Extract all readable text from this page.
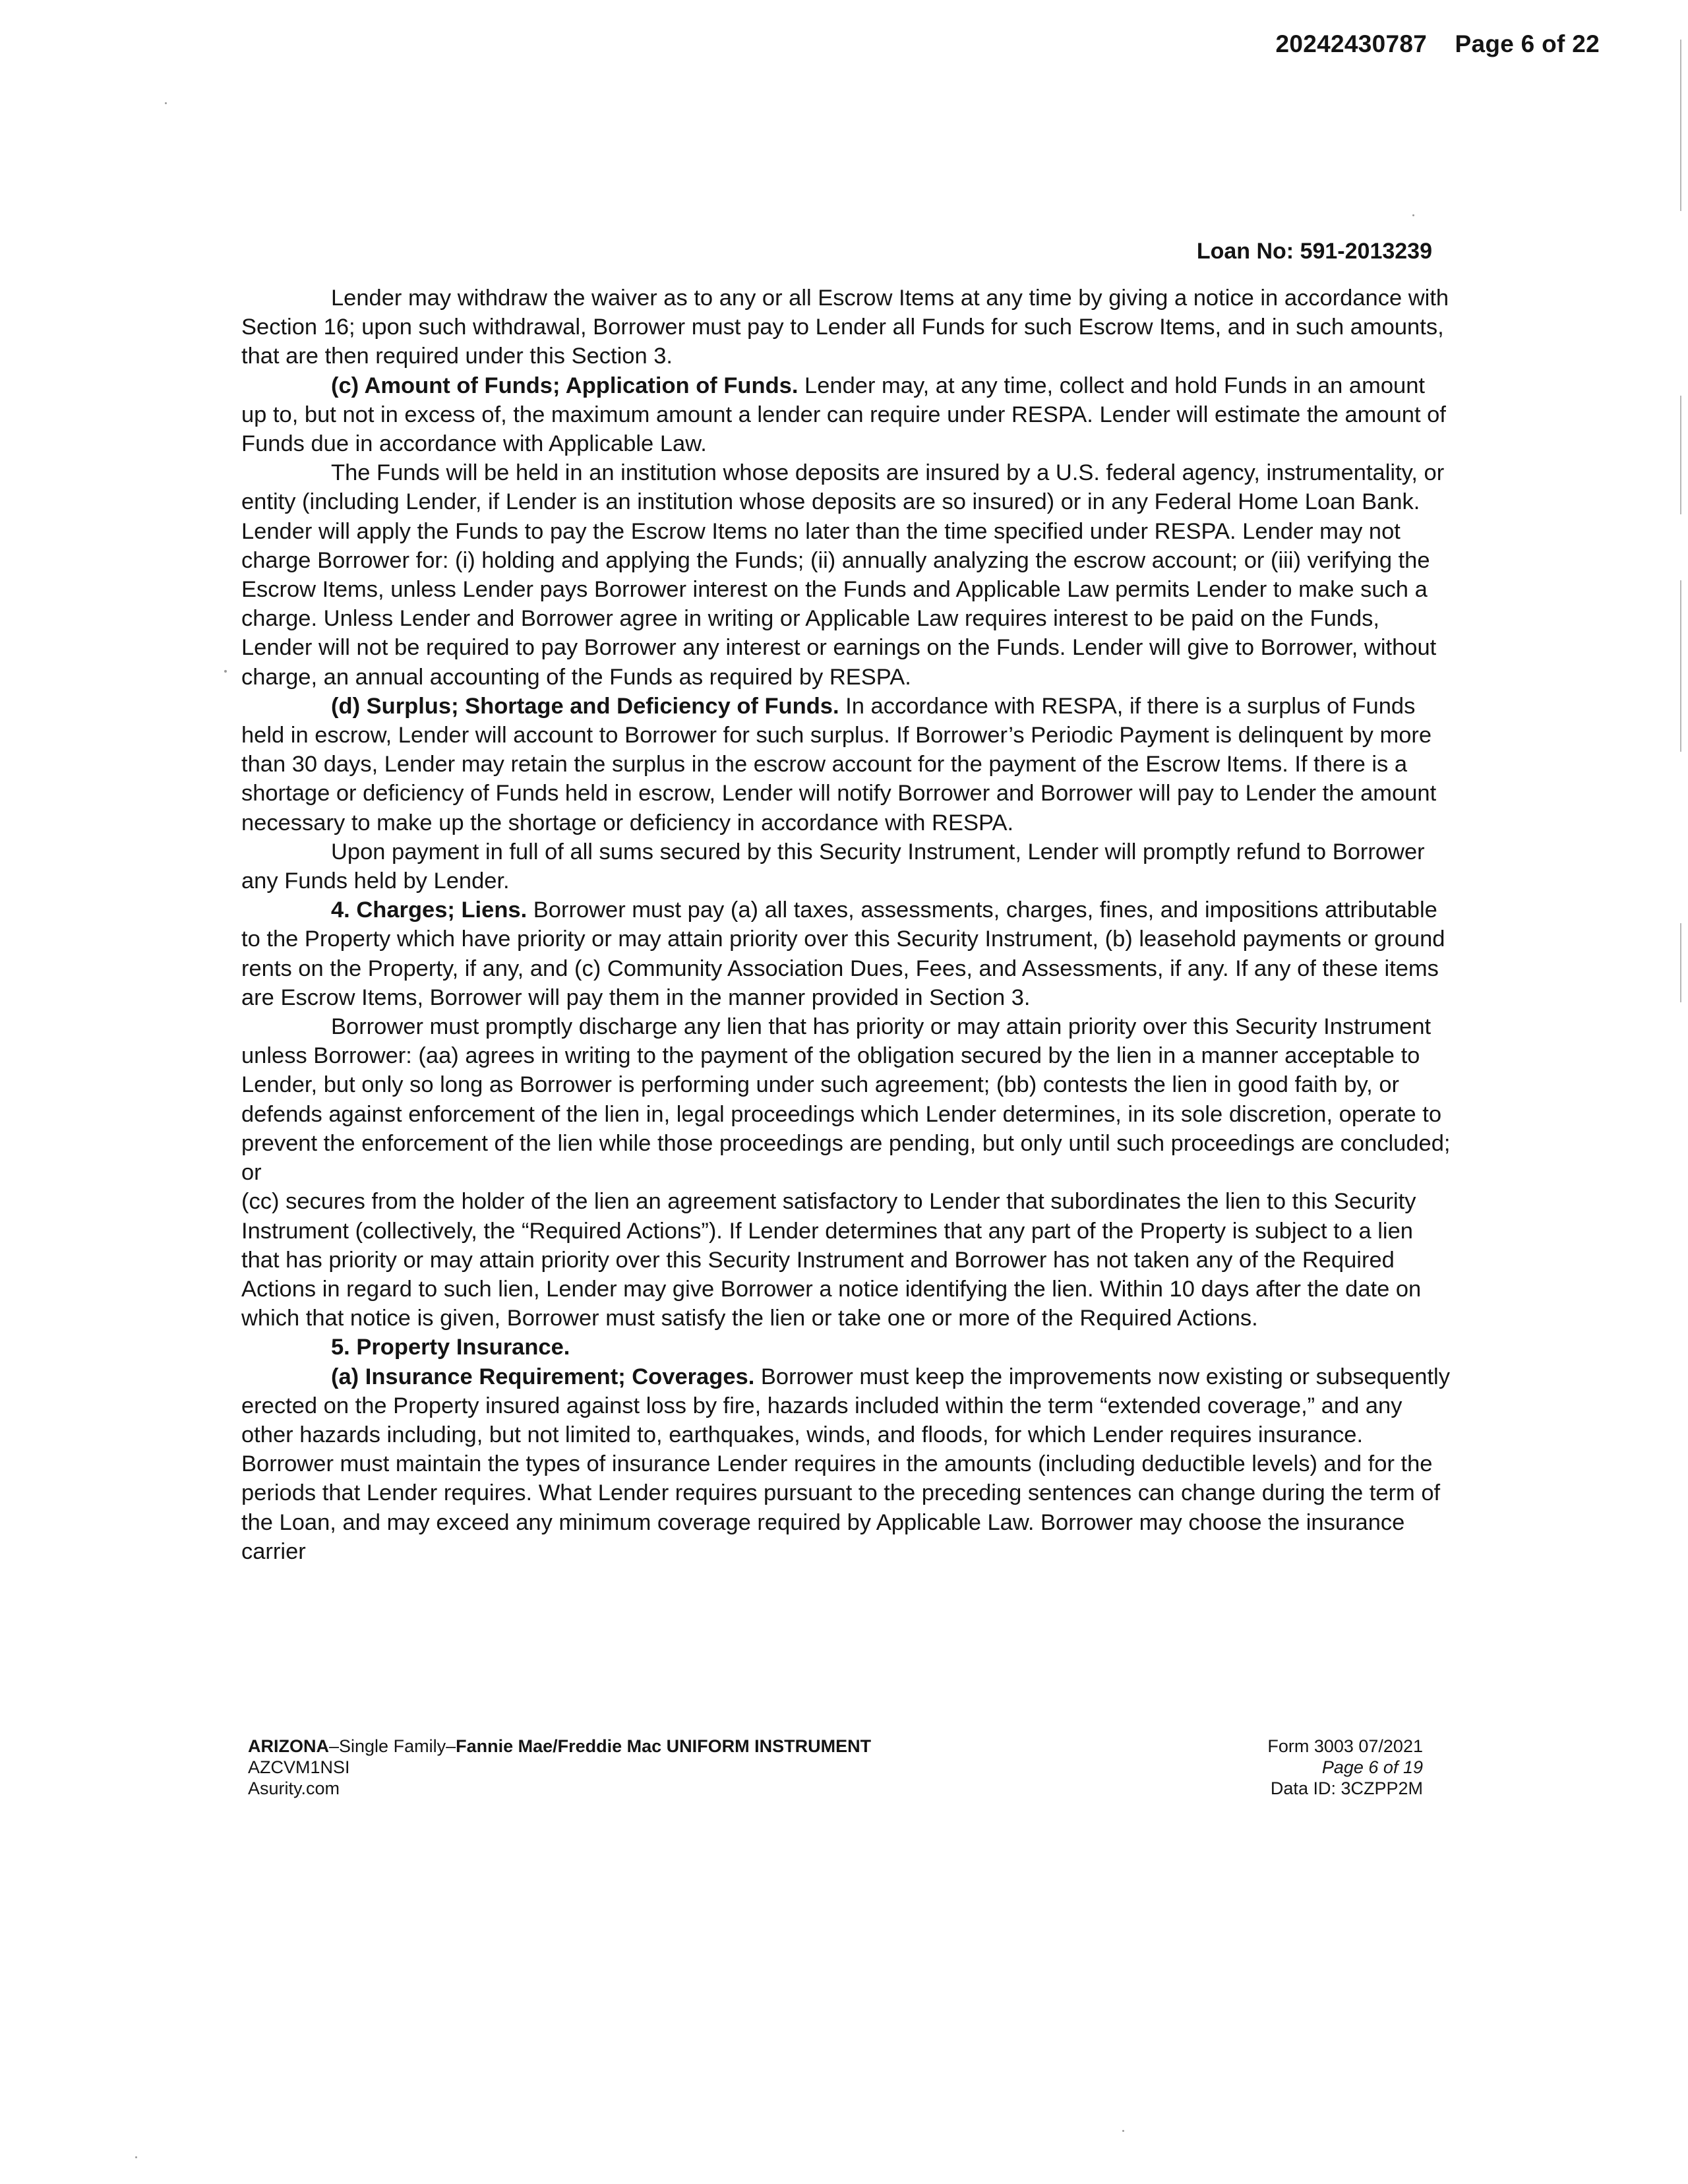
20242430787 Page 6 of 22
Loan No: 591-2013239

Lender may withdraw the waiver as to any or all Escrow Items at any time by giving a notice in accordance with Section 16; upon such withdrawal, Borrower must pay to Lender all Funds for such Escrow Items, and in such amounts, that are then required under this Section 3.

(c) Amount of Funds; Application of Funds. Lender may, at any time, collect and hold Funds in an amount up to, but not in excess of, the maximum amount a lender can require under RESPA. Lender will estimate the amount of Funds due in accordance with Applicable Law.

The Funds will be held in an institution whose deposits are insured by a U.S. federal agency, instrumentality, or entity (including Lender, if Lender is an institution whose deposits are so insured) or in any Federal Home Loan Bank. Lender will apply the Funds to pay the Escrow Items no later than the time specified under RESPA. Lender may not charge Borrower for: (i) holding and applying the Funds; (ii) annually analyzing the escrow account; or (iii) verifying the Escrow Items, unless Lender pays Borrower interest on the Funds and Applicable Law permits Lender to make such a charge. Unless Lender and Borrower agree in writing or Applicable Law requires interest to be paid on the Funds, Lender will not be required to pay Borrower any interest or earnings on the Funds. Lender will give to Borrower, without charge, an annual accounting of the Funds as required by RESPA.

(d) Surplus; Shortage and Deficiency of Funds. In accordance with RESPA, if there is a surplus of Funds held in escrow, Lender will account to Borrower for such surplus. If Borrower’s Periodic Payment is delinquent by more than 30 days, Lender may retain the surplus in the escrow account for the payment of the Escrow Items. If there is a shortage or deficiency of Funds held in escrow, Lender will notify Borrower and Borrower will pay to Lender the amount necessary to make up the shortage or deficiency in accordance with RESPA.

Upon payment in full of all sums secured by this Security Instrument, Lender will promptly refund to Borrower any Funds held by Lender.

4. Charges; Liens. Borrower must pay (a) all taxes, assessments, charges, fines, and impositions attributable to the Property which have priority or may attain priority over this Security Instrument, (b) leasehold payments or ground rents on the Property, if any, and (c) Community Association Dues, Fees, and Assessments, if any. If any of these items are Escrow Items, Borrower will pay them in the manner provided in Section 3.

Borrower must promptly discharge any lien that has priority or may attain priority over this Security Instrument unless Borrower: (aa) agrees in writing to the payment of the obligation secured by the lien in a manner acceptable to Lender, but only so long as Borrower is performing under such agreement; (bb) contests the lien in good faith by, or defends against enforcement of the lien in, legal proceedings which Lender determines, in its sole discretion, operate to prevent the enforcement of the lien while those proceedings are pending, but only until such proceedings are concluded; or

(cc) secures from the holder of the lien an agreement satisfactory to Lender that subordinates the lien to this Security Instrument (collectively, the “Required Actions”). If Lender determines that any part of the Property is subject to a lien that has priority or may attain priority over this Security Instrument and Borrower has not taken any of the Required Actions in regard to such lien, Lender may give Borrower a notice identifying the lien. Within 10 days after the date on which that notice is given, Borrower must satisfy the lien or take one or more of the Required Actions.

5. Property Insurance.

(a) Insurance Requirement; Coverages. Borrower must keep the improvements now existing or subsequently erected on the Property insured against loss by fire, hazards included within the term “extended coverage,” and any other hazards including, but not limited to, earthquakes, winds, and floods, for which Lender requires insurance. Borrower must maintain the types of insurance Lender requires in the amounts (including deductible levels) and for the periods that Lender requires. What Lender requires pursuant to the preceding sentences can change during the term of the Loan, and may exceed any minimum coverage required by Applicable Law. Borrower may choose the insurance carrier

ARIZONA–Single Family–Fannie Mae/Freddie Mac UNIFORM INSTRUMENT
AZCVM1NSI
Asurity.com
Form 3003 07/2021
Page 6 of 19
Data ID: 3CZPP2M
